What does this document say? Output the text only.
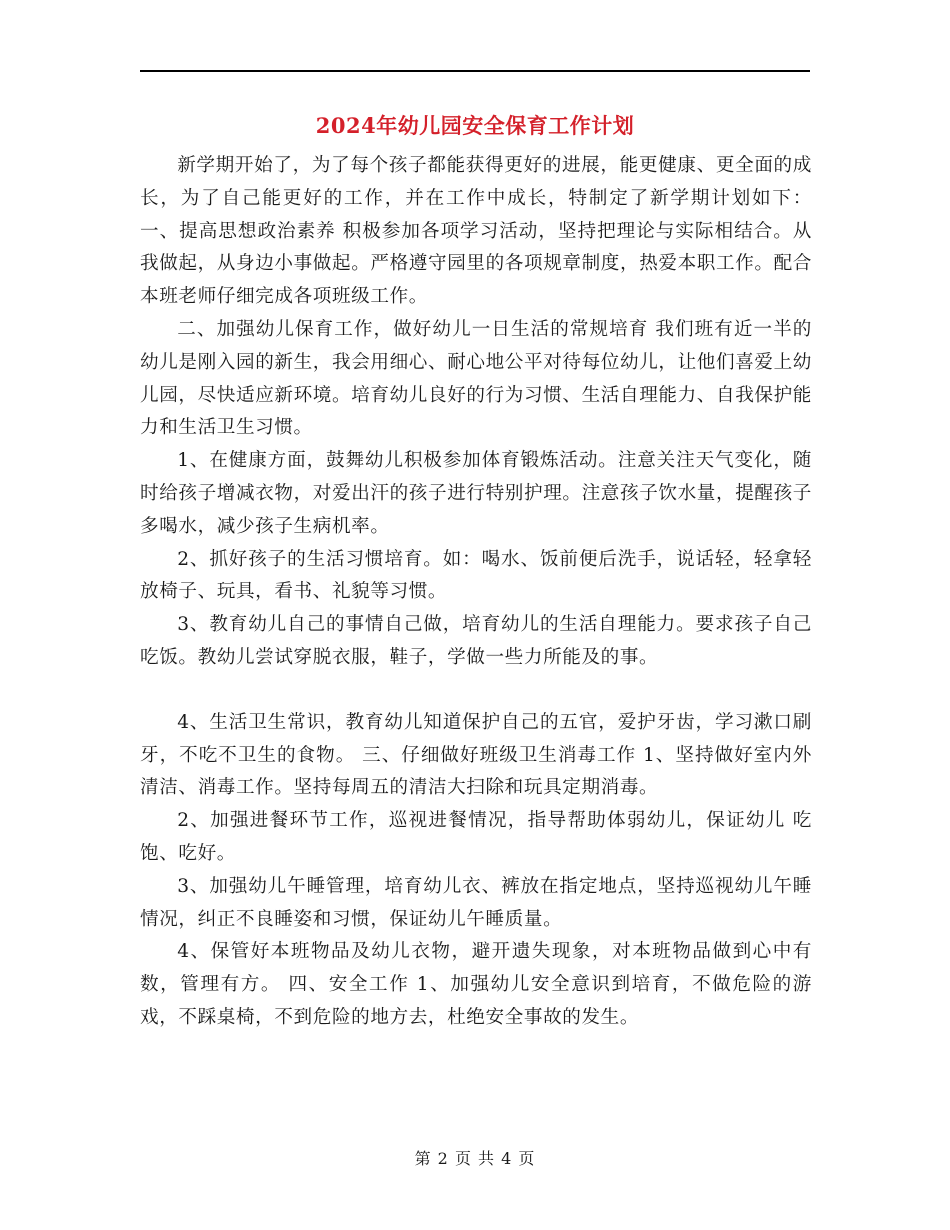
2024年幼儿园安全保育工作计划

新学期开始了，为了每个孩子都能获得更好的进展，能更健康、更全面的成长，为了自己能更好的工作，并在工作中成长，特制定了新学期计划如下： 一、提高思想政治素养 积极参加各项学习活动，坚持把理论与实际相结合。从我做起，从身边小事做起。严格遵守园里的各项规章制度，热爱本职工作。配合本班老师仔细完成各项班级工作。

二、加强幼儿保育工作，做好幼儿一日生活的常规培育 我们班有近一半的幼儿是刚入园的新生，我会用细心、耐心地公平对待每位幼儿，让他们喜爱上幼儿园，尽快适应新环境。培育幼儿良好的行为习惯、生活自理能力、自我保护能力和生活卫生习惯。

1、在健康方面，鼓舞幼儿积极参加体育锻炼活动。注意关注天气变化，随时给孩子增减衣物，对爱出汗的孩子进行特别护理。注意孩子饮水量，提醒孩子多喝水，减少孩子生病机率。

2、抓好孩子的生活习惯培育。如：喝水、饭前便后洗手，说话轻，轻拿轻放椅子、玩具，看书、礼貌等习惯。

3、教育幼儿自己的事情自己做，培育幼儿的生活自理能力。要求孩子自己吃饭。教幼儿尝试穿脱衣服，鞋子，学做一些力所能及的事。

4、生活卫生常识，教育幼儿知道保护自己的五官，爱护牙齿，学习漱口刷牙，不吃不卫生的食物。 三、仔细做好班级卫生消毒工作 1、坚持做好室内外清洁、消毒工作。坚持每周五的清洁大扫除和玩具定期消毒。

2、加强进餐环节工作，巡视进餐情况，指导帮助体弱幼儿，保证幼儿 吃饱、吃好。

3、加强幼儿午睡管理，培育幼儿衣、裤放在指定地点，坚持巡视幼儿午睡情况，纠正不良睡姿和习惯，保证幼儿午睡质量。

4、保管好本班物品及幼儿衣物，避开遗失现象，对本班物品做到心中有数，管理有方。 四、安全工作 1、加强幼儿安全意识到培育，不做危险的游戏，不踩桌椅，不到危险的地方去，杜绝安全事故的发生。

第 2 页 共 4 页
